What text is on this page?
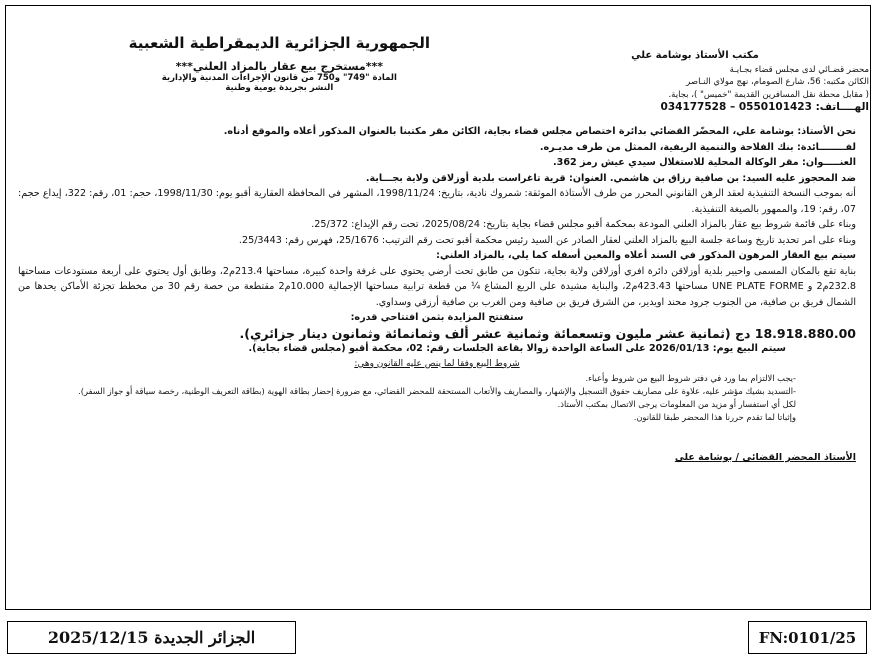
الجمهورية الجزائرية الديمقراطية الشعبية
***مستخرج بيع عقار بالمزاد العلني***
المادة "749" و750 من قانون الإجراءات المدنية والإدارية
النشر بجريدة يومية وطنية
مكتب الأستاذ بوشامة علي
محضر قضـائي لدى مجلس قضاء بجـايـة
الكائن مكتبه: 56، شارع الصومام، نهج مولاي النـاصر
( مقابل محطة نقل المسافرين القديمة "خميس" )، بجاية.
الهــــاتف: 0550101423 – 034177528

نحن الأستاذ: بوشامة علي، المحضّر القضائي بدائرة اختصاص مجلس قضاء بجاية، الكائن مقر مكتبنا بالعنوان المذكور أعلاه والموقع أدناه.

لفــــــــائدة: بنك الفلاحة والتنمية الريفية، الممثل من طرف مديـره.

العنـــــوان: مقر الوكالة المحلية للاستغلال سيدي عيش رمز 362.

ضد المحجوز عليه السيد: بن صافية رزاق بن هاشمي. العنوان: قرية تاغراست بلدية أوزلاقن ولاية بجـــاية.

أنه بموجب النسخة التنفيذية لعقد الرهن القانوني المحرر من طرف الأستاذة الموثقة: شمروك نادية، بتاريخ: 1998/11/24، المشهر في المحافظة العقارية أقبو يوم: 1998/11/30، حجم: 01، رقم: 322، إيداع حجم: 07، رقم: 19، والممهور بالصيغة التنفيذية.

وبناء على قائمة شروط بيع عقار بالمزاد العلني المودعة بمحكمة أقبو مجلس قضاء بجاية بتاريخ: 2025/08/24، تحت رقم الإيداع: 25/372.

وبناء على امر تحديد تاريخ وساعة جلسة البيع بالمزاد العلني لعقار الصادر عن السيد رئيس محكمة أقبو تحت رقم الترتيب: 25/1676، فهرس رقم: 25/3443.

سيتم بيع العقار المرهون المذكور في السند أعلاه والمعين أسفله كما يلي، بالمزاد العلني:

بناية تقع بالمكان المسمى واحيير بلدية أوزلاقن دائرة افري أوزلاقن ولاية بجاية، تتكون من طابق تحت أرضي يحتوي على غرفة واحدة كبيرة، مساحتها 213.4م2، وطابق أول يحتوي على أربعة مستودعات مساحتها 232.8م2 و UNE PLATE FORME مساحتها 423.43م2، والبناية مشيدة على الربع المشاع ¼ من قطعة ترابية مساحتها الإجمالية 10.000م2 مقتطعة من حصة رقم 30 من مخطط تجزئة الأماكن يحدها من الشمال فريق بن صافية، من الجنوب جرود محند اويدير، من الشرق فريق بن صافية ومن الغرب بن صافية أرزقي وسداوي.

ستفتتح المزايدة بثمن افتتاحي قدره:

18.918.880.00 دج (ثمانية عشر مليون وتسعمائة وثمانية عشر ألف وثمانمائة وثمانون دينار جزائري).

سيتم البيع يوم: 2026/01/13 على الساعة الواحدة زوالا بقاعة الجلسات رقم: 02، محكمة أقبو (مجلس قضاء بجاية).

شروط البيع وفقا لما ينص عليه القانون وهي:

-يجب الالتزام بما ورد في دفتر شروط البيع من شروط وأعباء.
-التسديد بشيك مؤشر عليه، علاوة على مصاريف حقوق التسجيل والإشهار، والمصاريف والأتعاب المستحقة للمحضر القضائي، مع ضرورة إحضار بطاقة الهوية (بطاقة التعريف الوطنية، رخصة سياقة أو جواز السفر).
لكل أي استفسار أو مزيد من المعلومات يرجى الاتصال بمكتب الأستاذ.
وإثباتا لما تقدم حررنا هذا المحضر طبقا للقانون.
الأستاذ المحضر القضائي / بوشامة علي
الجزائر الجديدة 2025/12/15	FN:0101/25
